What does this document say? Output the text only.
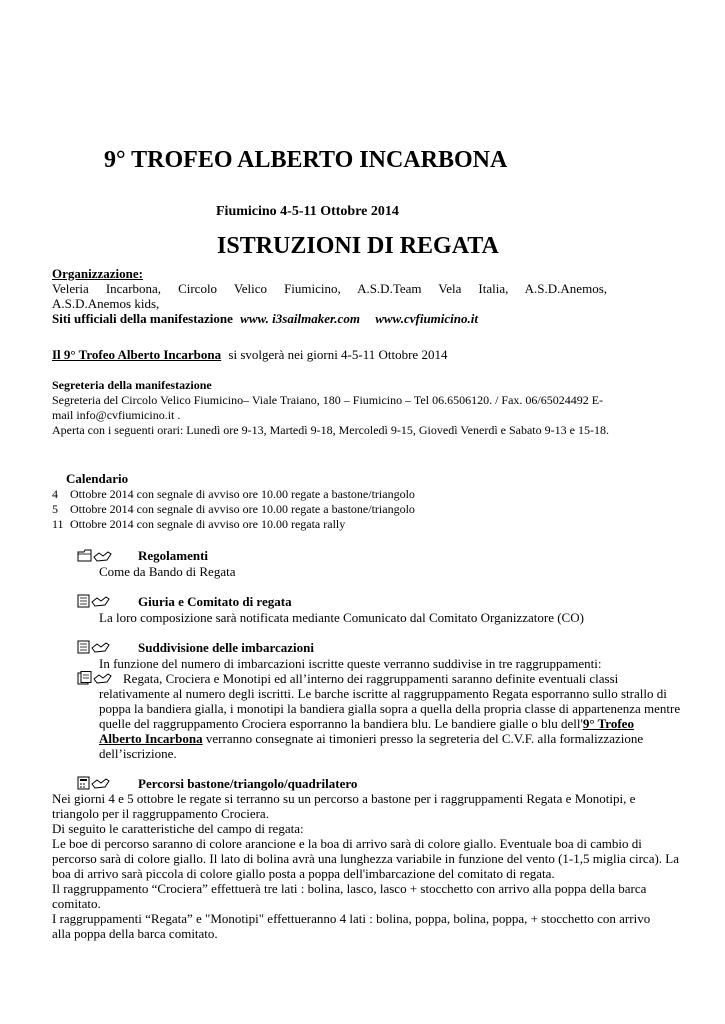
9° TROFEO ALBERTO INCARBONA
Fiumicino 4-5-11 Ottobre 2014
ISTRUZIONI DI REGATA
Organizzazione:
Veleria Incarbona, Circolo Velico Fiumicino, A.S.D.Team Vela Italia, A.S.D.Anemos,
A.S.D.Anemos kids,
Siti ufficiali della manifestazione www. i3sailmaker.com www.cvfiumicino.it
Il 9° Trofeo Alberto Incarbona si svolgerà nei giorni 4-5-11 Ottobre 2014
Segreteria della manifestazione
Segreteria del Circolo Velico Fiumicino– Viale Traiano, 180 – Fiumicino – Tel 06.6506120. / Fax. 06/65024492 E-
mail info@cvfiumicino.it .
Aperta con i seguenti orari: Lunedì ore 9-13, Martedì 9-18, Mercoledì 9-15, Giovedì Venerdì e Sabato 9-13 e 15-18.
Calendario
4 Ottobre 2014 con segnale di avviso ore 10.00 regate a bastone/triangolo
5 Ottobre 2014 con segnale di avviso ore 10.00 regate a bastone/triangolo
11 Ottobre 2014 con segnale di avviso ore 10.00 regata rally
Regolamenti
Come da Bando di Regata
Giuria e Comitato di regata
La loro composizione sarà notificata mediante Comunicato dal Comitato Organizzatore (CO)
Suddivisione delle imbarcazioni
In funzione del numero di imbarcazioni iscritte queste verranno suddivise in tre raggruppamenti:
Regata, Crociera e Monotipi ed all’interno dei raggruppamenti saranno definite eventuali classi
relativamente al numero degli iscritti. Le barche iscritte al raggruppamento Regata esporranno sullo strallo di
poppa la bandiera gialla, i monotipi la bandiera gialla sopra a quella della propria classe di appartenenza mentre
quelle del raggruppamento Crociera esporranno la bandiera blu. Le bandiere gialle o blu dell'9° Trofeo
Alberto Incarbona verranno consegnate ai timonieri presso la segreteria del C.V.F. alla formalizzazione
dell’iscrizione.
Percorsi bastone/triangolo/quadrilatero
Nei giorni 4 e 5 ottobre le regate si terranno su un percorso a bastone per i raggruppamenti Regata e Monotipi, e
triangolo per il raggruppamento Crociera.
Di seguito le caratteristiche del campo di regata:
Le boe di percorso saranno di colore arancione e la boa di arrivo sarà di colore giallo. Eventuale boa di cambio di
percorso sarà di colore giallo. Il lato di bolina avrà una lunghezza variabile in funzione del vento (1-1,5 miglia circa). La
boa di arrivo sarà piccola di colore giallo posta a poppa dell'imbarcazione del comitato di regata.
Il raggruppamento “Crociera” effettuerà tre lati : bolina, lasco, lasco + stocchetto con arrivo alla poppa della barca
comitato.
I raggruppamenti “Regata” e "Monotipi" effettueranno 4 lati : bolina, poppa, bolina, poppa, + stocchetto con arrivo
alla poppa della barca comitato.
